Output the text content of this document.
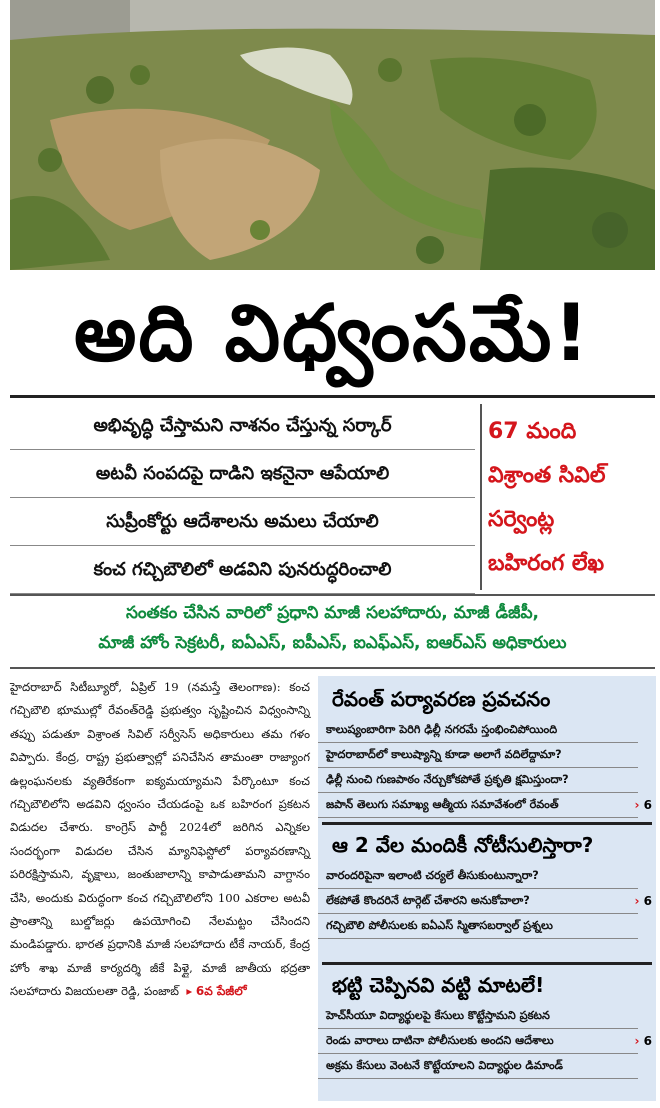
అది విధ్వంసమే!
అభివృద్ధి చేస్తామని నాశనం చేస్తున్న సర్కార్
అటవీ సంపదపై దాడిని ఇకనైనా ఆపేయాలి
సుప్రీంకోర్టు ఆదేశాలను అమలు చేయాలి
కంచ గచ్చిబౌలిలో అడవిని పునరుద్ధరించాలి
67 మంది
విశ్రాంత సివిల్
సర్వెంట్ల
బహిరంగ లేఖ
సంతకం చేసిన వారిలో ప్రధాని మాజీ సలహాదారు, మాజీ డీజీపీ,
మాజీ హోం సెక్రటరీ, ఐఏఎస్, ఐపీఎస్, ఐఎఫ్‌ఎస్, ఐఆర్‌ఎస్ అధికారులు
హైదరాబాద్ సిటీబ్యూరో, ఏప్రిల్ 19 (నమస్తే తెలంగాణ): కంచ గచ్చిబౌలి భూముల్లో రేవంత్‌రెడ్డి ప్రభుత్వం సృష్టించిన విధ్వంసాన్ని తప్పు పడుతూ విశ్రాంత సివిల్ సర్వీసెస్ అధికారులు తమ గళం విప్పారు. కేంద్ర, రాష్ట్ర ప్రభుత్వాల్లో పనిచేసిన తామంతా రాజ్యాంగ ఉల్లంఘనలకు వ్యతిరేకంగా ఐక్యమయ్యామని పేర్కొంటూ కంచ గచ్చిబౌలిలోని అడవిని ధ్వంసం చేయడంపై ఒక బహిరంగ ప్రకటన విడుదల చేశారు. కాంగ్రెస్ పార్టీ 2024లో జరిగిన ఎన్నికల సందర్భంగా విడుదల చేసిన మ్యానిఫెస్టోలో పర్యావరణాన్ని పరిరక్షిస్తామని, వృక్షాలు, జంతుజాలాన్ని కాపాడుతామని వాగ్దానం చేసి, అందుకు విరుద్ధంగా కంచ గచ్చిబౌలిలోని 100 ఎకరాల అటవీ ప్రాంతాన్ని బుల్డోజర్లు ఉపయోగించి నేలమట్టం చేసిందని మండిపడ్డారు. భారత ప్రధానికి మాజీ సలహాదారు టీకే నాయర్, కేంద్ర హోం శాఖ మాజీ కార్యదర్శి జీకే పిళ్లై, మాజీ జాతీయ భద్రతా సలహాదారు విజయలతా రెడ్డి, పంజాబ్  ▸ 6వ పేజీలో
రేవంత్ పర్యావరణ ప్రవచనం
కాలుష్యంబారిగా పెరిగి ఢిల్లీ నగరమే స్తంభించిపోయింది
హైదరాబాద్‌లో కాలుష్యాన్ని కూడా అలాగే వదిలేద్దామా?
ఢిల్లీ నుంచి గుణపాఠం నేర్చుకోకపోతే ప్రకృతి క్షమిస్తుందా?
జపాన్ తెలుగు సమాఖ్య ఆత్మీయ సమావేశంలో రేవంత్	› 6
ఆ 2 వేల మందికీ నోటీసులిస్తారా?
వారందరిపైనా ఇలాంటి చర్యలే తీసుకుంటున్నారా?
లేకపోతే కొందరినే టార్గెట్ చేశారని అనుకోవాలా?	› 6
గచ్చిబౌలి పోలీసులకు ఐఏఎస్ స్మితాసబర్వాల్ ప్రశ్నలు
భట్టి చెప్పినవి వట్టి మాటలే!
హెచ్‌సీయూ విద్యార్థులపై కేసులు కొట్టేస్తామని ప్రకటన
రెండు వారాలు దాటినా పోలీసులకు అందని ఆదేశాలు	› 6
అక్రమ కేసులు వెంటనే కొట్టేయాలని విద్యార్థుల డిమాండ్
